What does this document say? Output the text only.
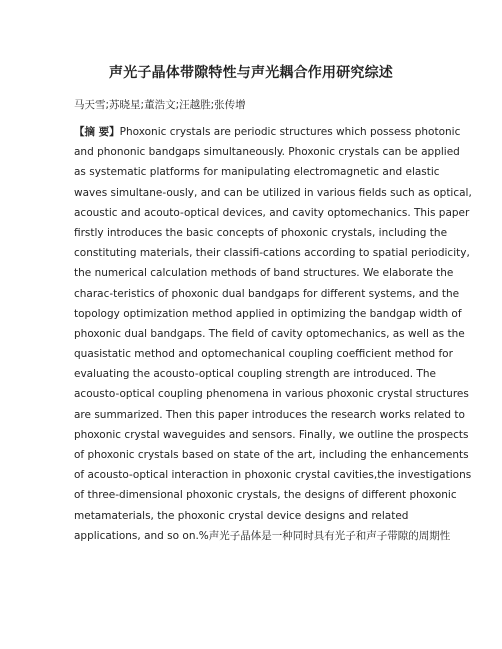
声光子晶体带隙特性与声光耦合作用研究综述
马天雪;苏晓星;董浩文;汪越胜;张传增
【摘 要】Phoxonic crystals are periodic structures which possess photonic
and phononic bandgaps simultaneously. Phoxonic crystals can be applied
as systematic platforms for manipulating electromagnetic and elastic
waves simultane-ously, and can be utilized in various fields such as optical,
acoustic and acouto-optical devices, and cavity optomechanics. This paper
firstly introduces the basic concepts of phoxonic crystals, including the
constituting materials, their classifi-cations according to spatial periodicity,
the numerical calculation methods of band structures. We elaborate the
charac-teristics of phoxonic dual bandgaps for different systems, and the
topology optimization method applied in optimizing the bandgap width of
phoxonic dual bandgaps. The field of cavity optomechanics, as well as the
quasistatic method and optomechanical coupling coefficient method for
evaluating the acousto-optical coupling strength are introduced. The
acousto-optical coupling phenomena in various phoxonic crystal structures
are summarized. Then this paper introduces the research works related to
phoxonic crystal waveguides and sensors. Finally, we outline the prospects
of phoxonic crystals based on state of the art, including the enhancements
of acousto-optical interaction in phoxonic crystal cavities,the investigations
of three-dimensional phoxonic crystals, the designs of different phoxonic
metamaterials, the phoxonic crystal device designs and related
applications, and so on.%声光子晶体是一种同时具有光子和声子带隙的周期性
